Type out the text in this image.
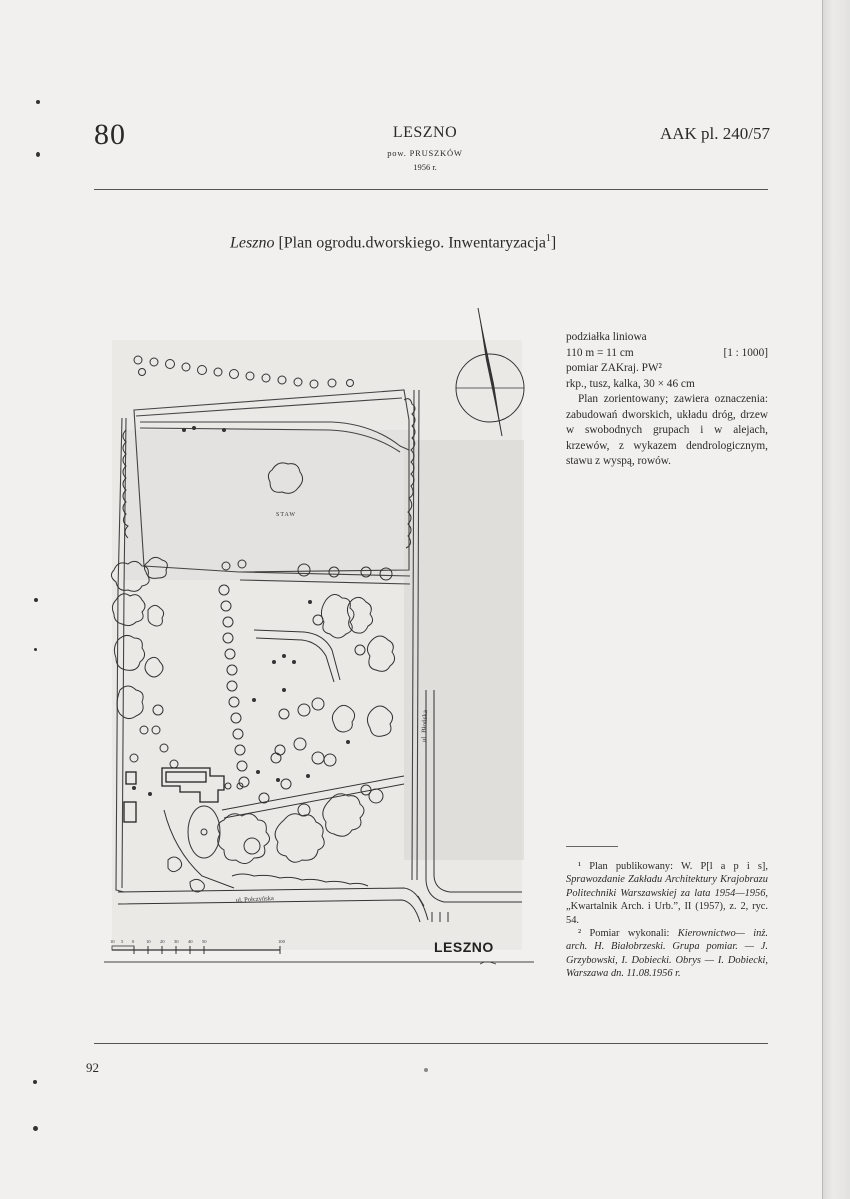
80	LESZNO
pow. PRUSZKÓW
1956 r.
AAK pl. 240/57
Leszno [Plan ogrodu.dworskiego. Inwentaryzacja$^1$]
ul. Błońska
ul. Połczyńska
STAW
10 5 0	10 20 30 40 50	100	LESZNO
podziałka liniowa
110 m = 11 cm	[1 : 1000]
pomiar ZAKraj. PW²
rkp., tusz, kalka, 30 × 46 cm
Plan zorientowany; zawiera oznaczenia: zabudowań dworskich, układu dróg, drzew w swobodnych grupach i w alejach, krzewów, z wykazem dendrologicznym, stawu z wyspą, rowów.
¹ Plan publikowany: W. P[l a p i s], Sprawozdanie Zakładu Architektury Krajobrazu Politechniki Warszawskiej za lata 1954—1956, „Kwartalnik Arch. i Urb.”, II (1957), z. 2, ryc. 54.
² Pomiar wykonali: Kierownictwo— inż. arch. H. Białobrzeski. Grupa pomiar. — J. Grzybowski, I. Dobiecki. Obrys — I. Dobiecki, Warszawa dn. 11.08.1956 r.
92
